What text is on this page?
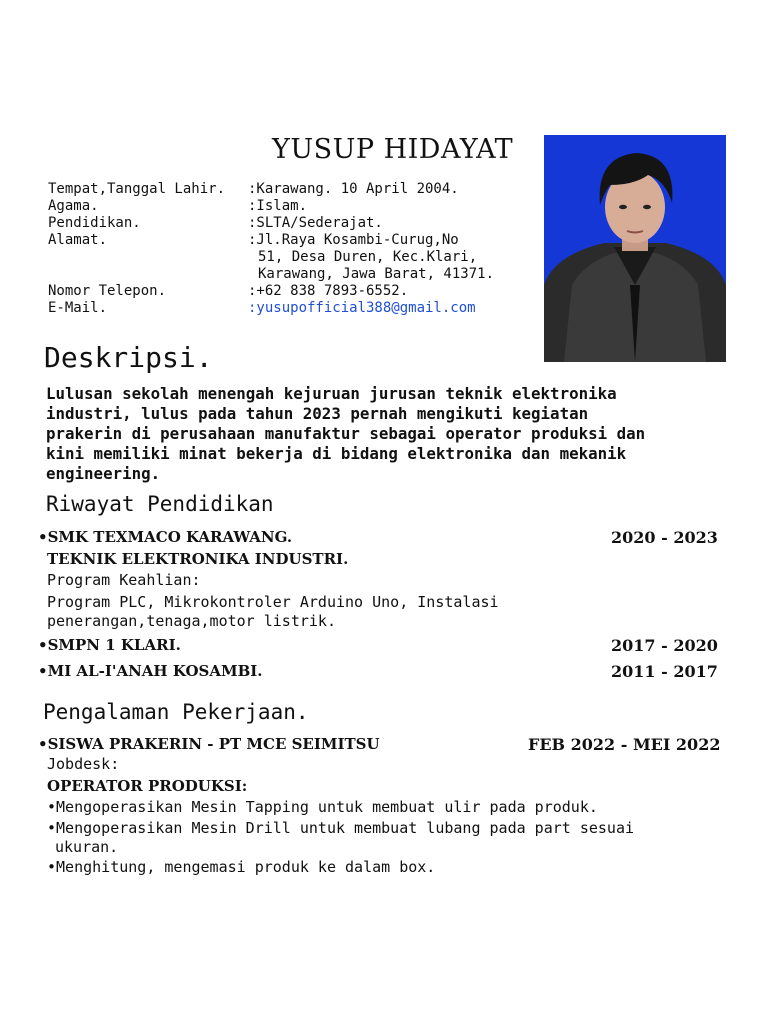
YUSUP HIDAYAT
Tempat,Tanggal Lahir. :Karawang. 10 April 2004.
Agama.	:Islam.
Pendidikan.	:SLTA/Sederajat.
Alamat.	:Jl.Raya Kosambi-Curug,No
51, Desa Duren, Kec.Klari,
Karawang, Jawa Barat, 41371.
Nomor Telepon.	:+62 838 7893-6552.
E-Mail.	:yusupofficial388@gmail.com
Deskripsi.
Lulusan sekolah menengah kejuruan jurusan teknik elektronika
industri, lulus pada tahun 2023 pernah mengikuti kegiatan
prakerin di perusahaan manufaktur sebagai operator produksi dan
kini memiliki minat bekerja di bidang elektronika dan mekanik
engineering.
Riwayat Pendidikan
•SMK TEXMACO KARAWANG.	2020 - 2023
TEKNIK ELEKTRONIKA INDUSTRI.
Program Keahlian:
Program PLC, Mikrokontroler Arduino Uno, Instalasi
penerangan,tenaga,motor listrik.
•SMPN 1 KLARI.	2017 - 2020
•MI AL-I'ANAH KOSAMBI.	2011 - 2017
Pengalaman Pekerjaan.
•SISWA PRAKERIN - PT MCE SEIMITSU	FEB 2022 - MEI 2022
Jobdesk:
OPERATOR PRODUKSI:
•Mengoperasikan Mesin Tapping untuk membuat ulir pada produk.
•Mengoperasikan Mesin Drill untuk membuat lubang pada part sesuai
ukuran.
•Menghitung, mengemasi produk ke dalam box.
